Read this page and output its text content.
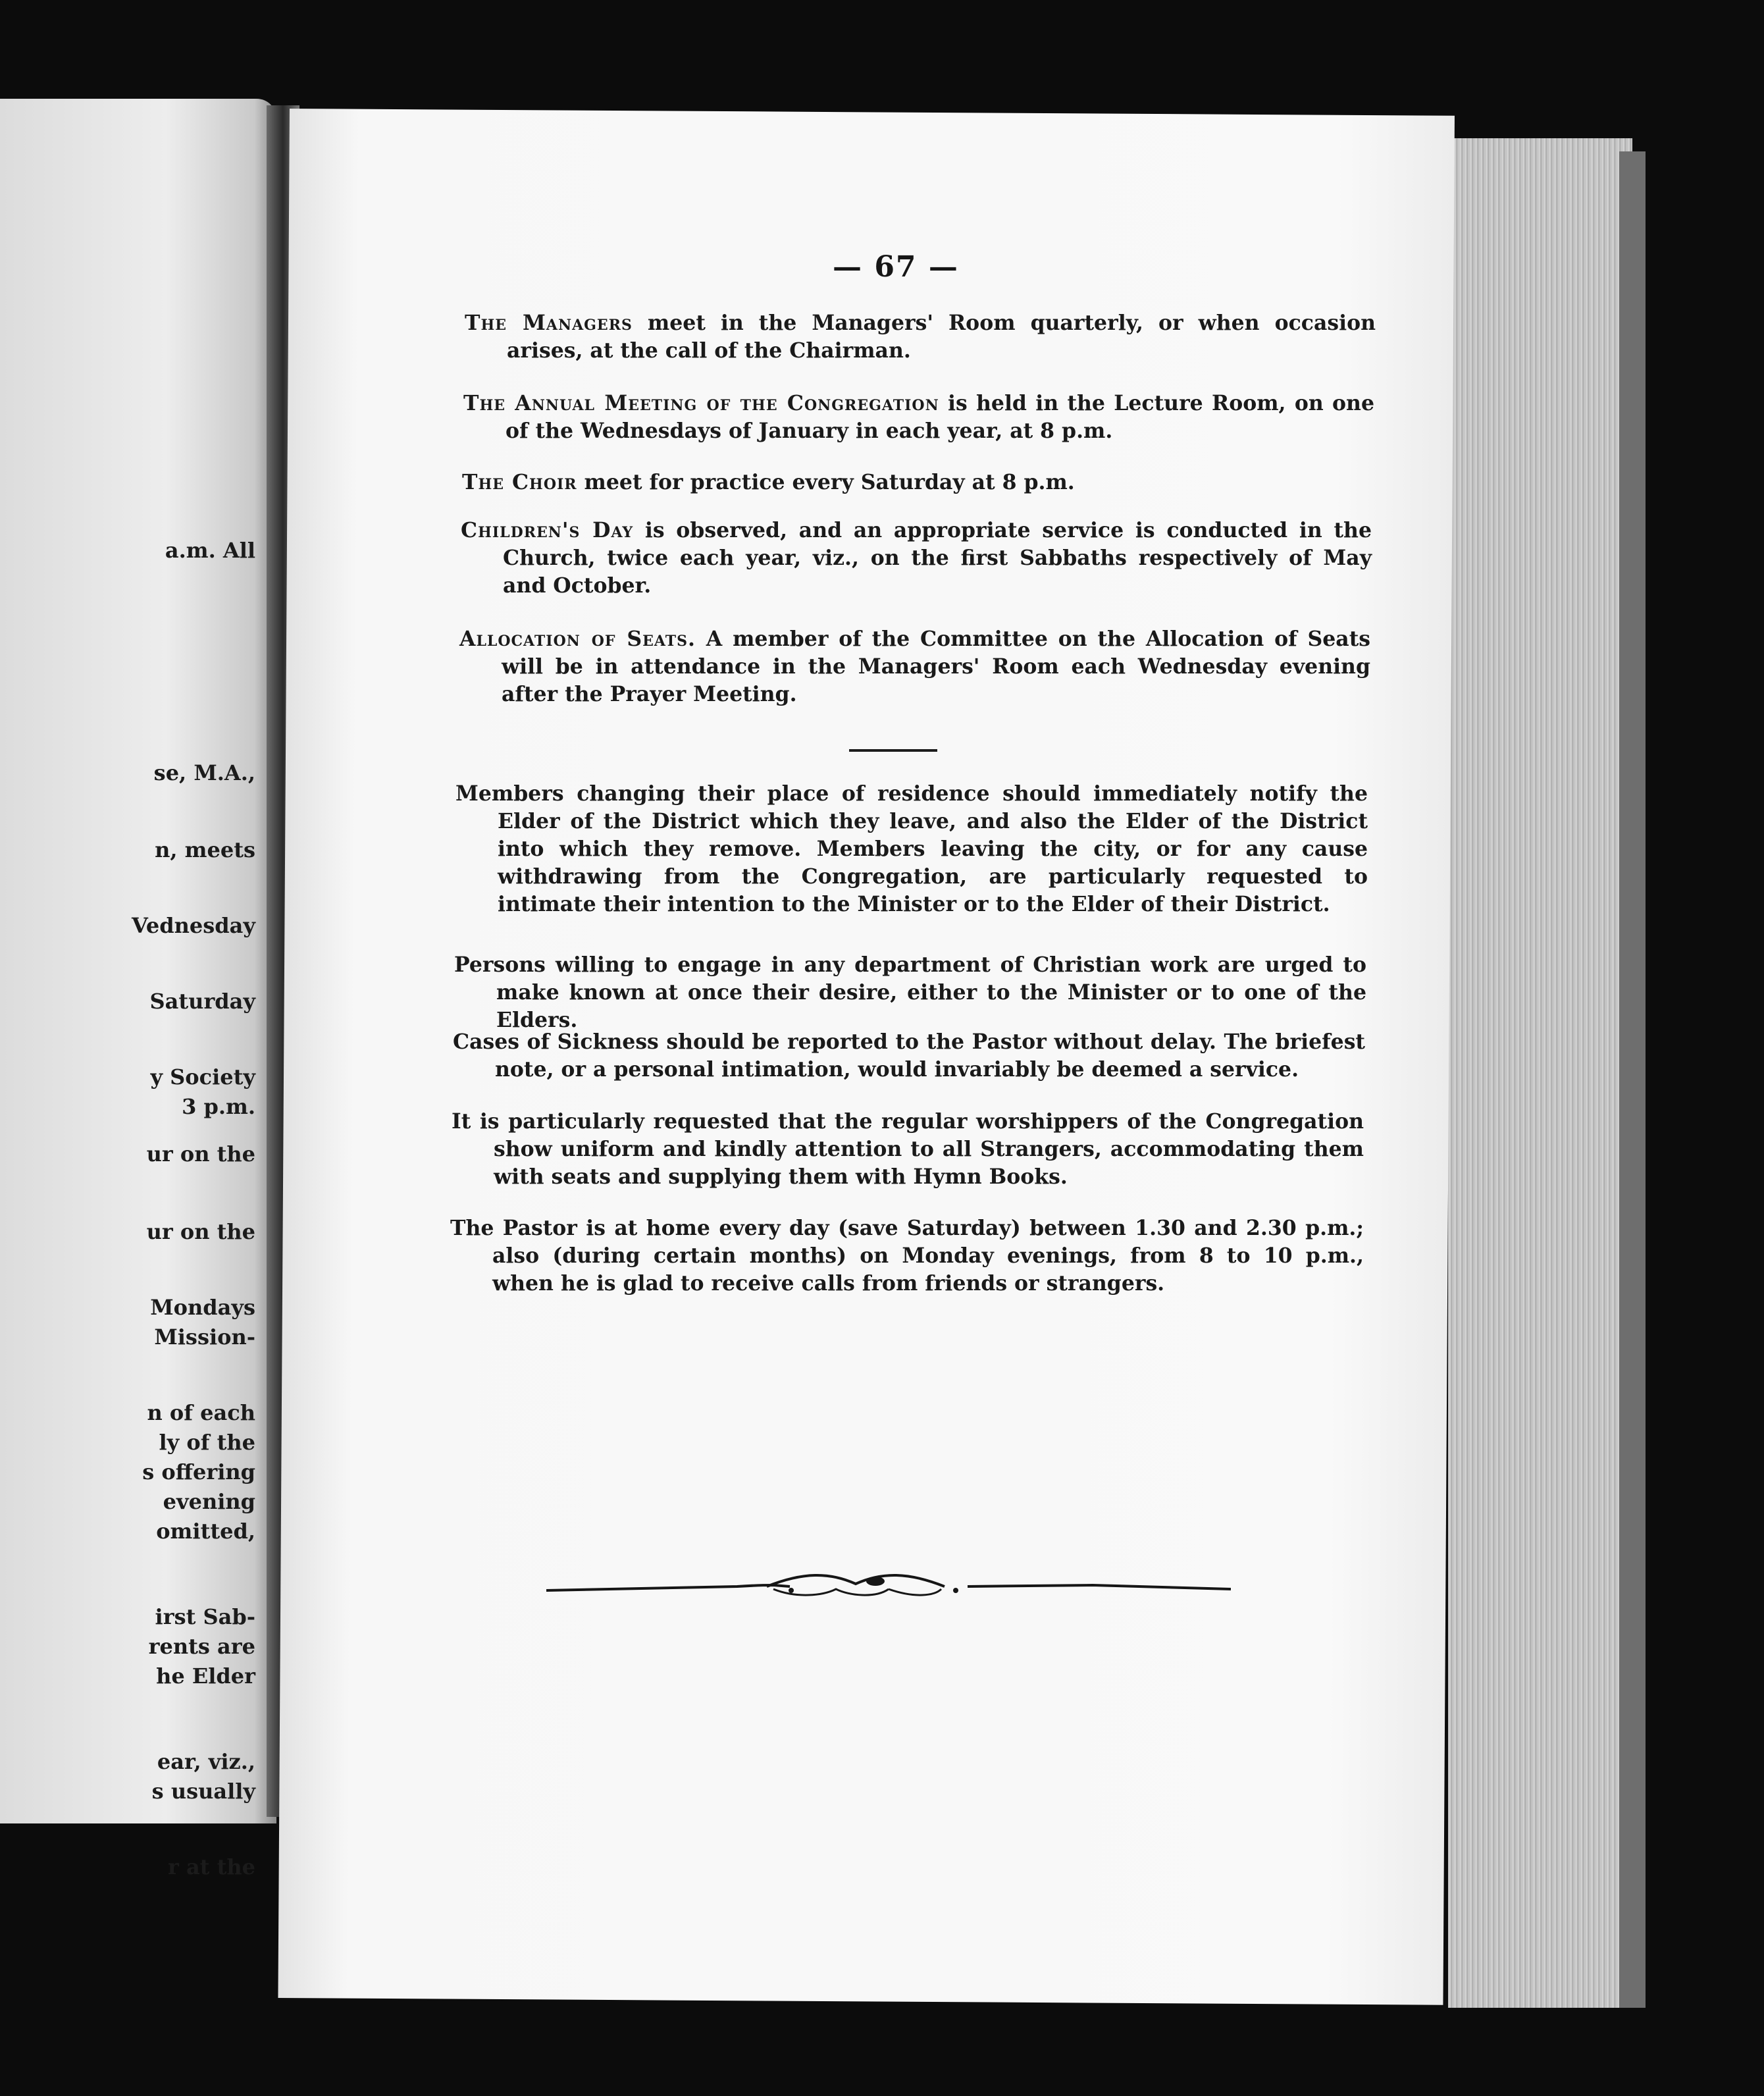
a.m. All
se, M.A.,
n, meets
Vednesday
Saturday
y Society
3 p.m.
ur on the
ur on the
Mondays
Mission-
n of each
ly of the
s offering
evening
omitted,
irst Sab-
rents are
he Elder
ear, viz.,
s usually
r at the
— 67 —

The Managers meet in the Managers' Room quarterly, or when occasion arises, at the call of the Chairman.

The Annual Meeting of the Congregation is held in the Lecture Room, on one of the Wednesdays of January in each year, at 8 p.m.

The Choir meet for practice every Saturday at 8 p.m.

Children's Day is observed, and an appropriate service is conducted in the Church, twice each year, viz., on the first Sabbaths respectively of May and October.

Allocation of Seats. A member of the Committee on the Allocation of Seats will be in attendance in the Managers' Room each Wednesday evening after the Prayer Meeting.

Members changing their place of residence should immediately notify the Elder of the District which they leave, and also the Elder of the District into which they remove. Members leaving the city, or for any cause withdrawing from the Congregation, are particularly requested to intimate their intention to the Minister or to the Elder of their District.

Persons willing to engage in any department of Christian work are urged to make known at once their desire, either to the Minister or to one of the Elders.

Cases of Sickness should be reported to the Pastor without delay. The briefest note, or a personal intimation, would invariably be deemed a service.

It is particularly requested that the regular worshippers of the Congregation show uniform and kindly attention to all Strangers, accommodating them with seats and supplying them with Hymn Books.

The Pastor is at home every day (save Saturday) between 1.30 and 2.30 p.m.; also (during certain months) on Monday evenings, from 8 to 10 p.m., when he is glad to receive calls from friends or strangers.
